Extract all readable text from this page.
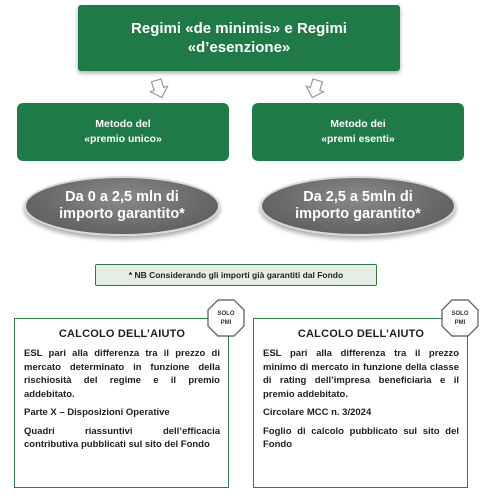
Regimi «de minimis» e Regimi
«d’esenzione»
Metodo del
«premio unico»
Metodo dei
«premi esenti»
Da 0 a 2,5 mln di
importo garantito*
Da 2,5 a 5mln di
importo garantito*
* NB Considerando gli importi già garantiti dal Fondo
CALCOLO DELL’AIUTO

ESL pari alla differenza tra il prezzo di mercato determinato in funzione della rischiosità del regime e il premio addebitato.

Parte X – Disposizioni Operative

Quadri riassuntivi dell’efficacia contributiva pubblicati sul sito del Fondo

CALCOLO DELL’AIUTO

ESL pari alla differenza tra il prezzo minimo di mercato in funzione della classe di rating dell’impresa beneficiaria e il premio addebitato.

Circolare MCC n. 3/2024

Foglio di calcolo pubblicato sul sito del Fondo

SOLO
PMI
SOLO
PMI
